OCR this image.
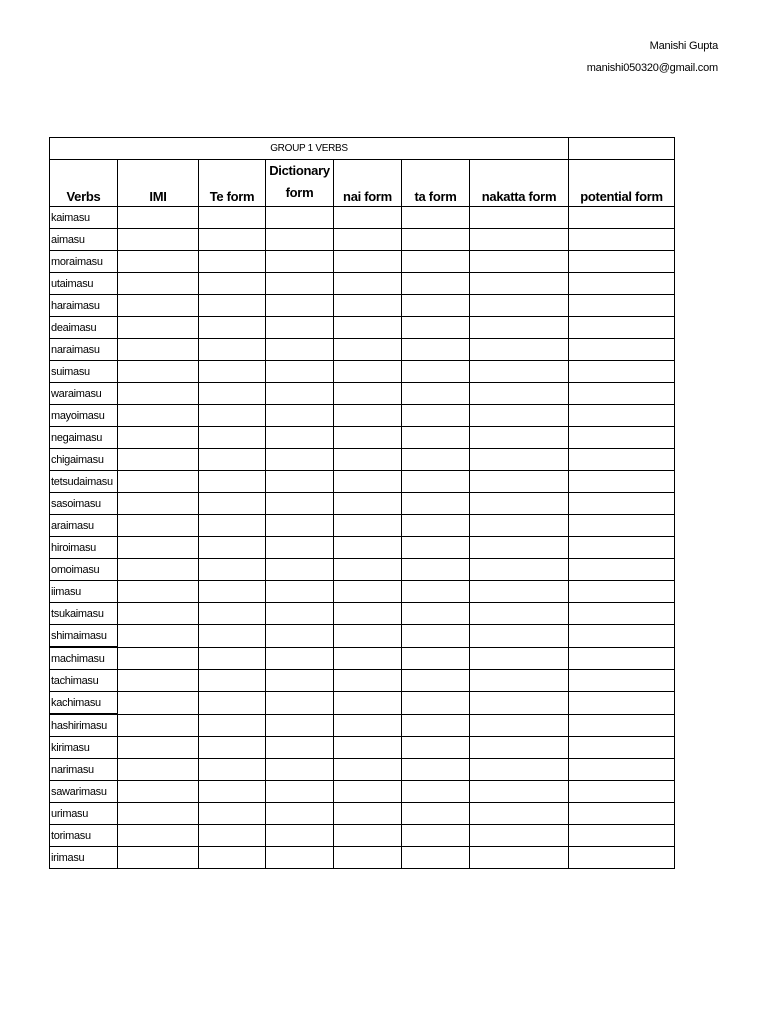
Manishi Gupta
manishi050320@gmail.com
GROUP 1 VERBS							
Verbs	IMI	Te form	Dictionary form	nai form	ta form	nakatta form	potential form
kaimasu							
aimasu							
moraimasu							
utaimasu							
haraimasu							
deaimasu							
naraimasu							
suimasu							
waraimasu							
mayoimasu							
negaimasu							
chigaimasu							
tetsudaimasu							
sasoimasu							
araimasu							
hiroimasu							
omoimasu							
iimasu							
tsukaimasu							
shimaimasu							
machimasu							
tachimasu							
kachimasu							
hashirimasu							
kirimasu							
narimasu							
sawarimasu							
urimasu							
torimasu							
irimasu							
